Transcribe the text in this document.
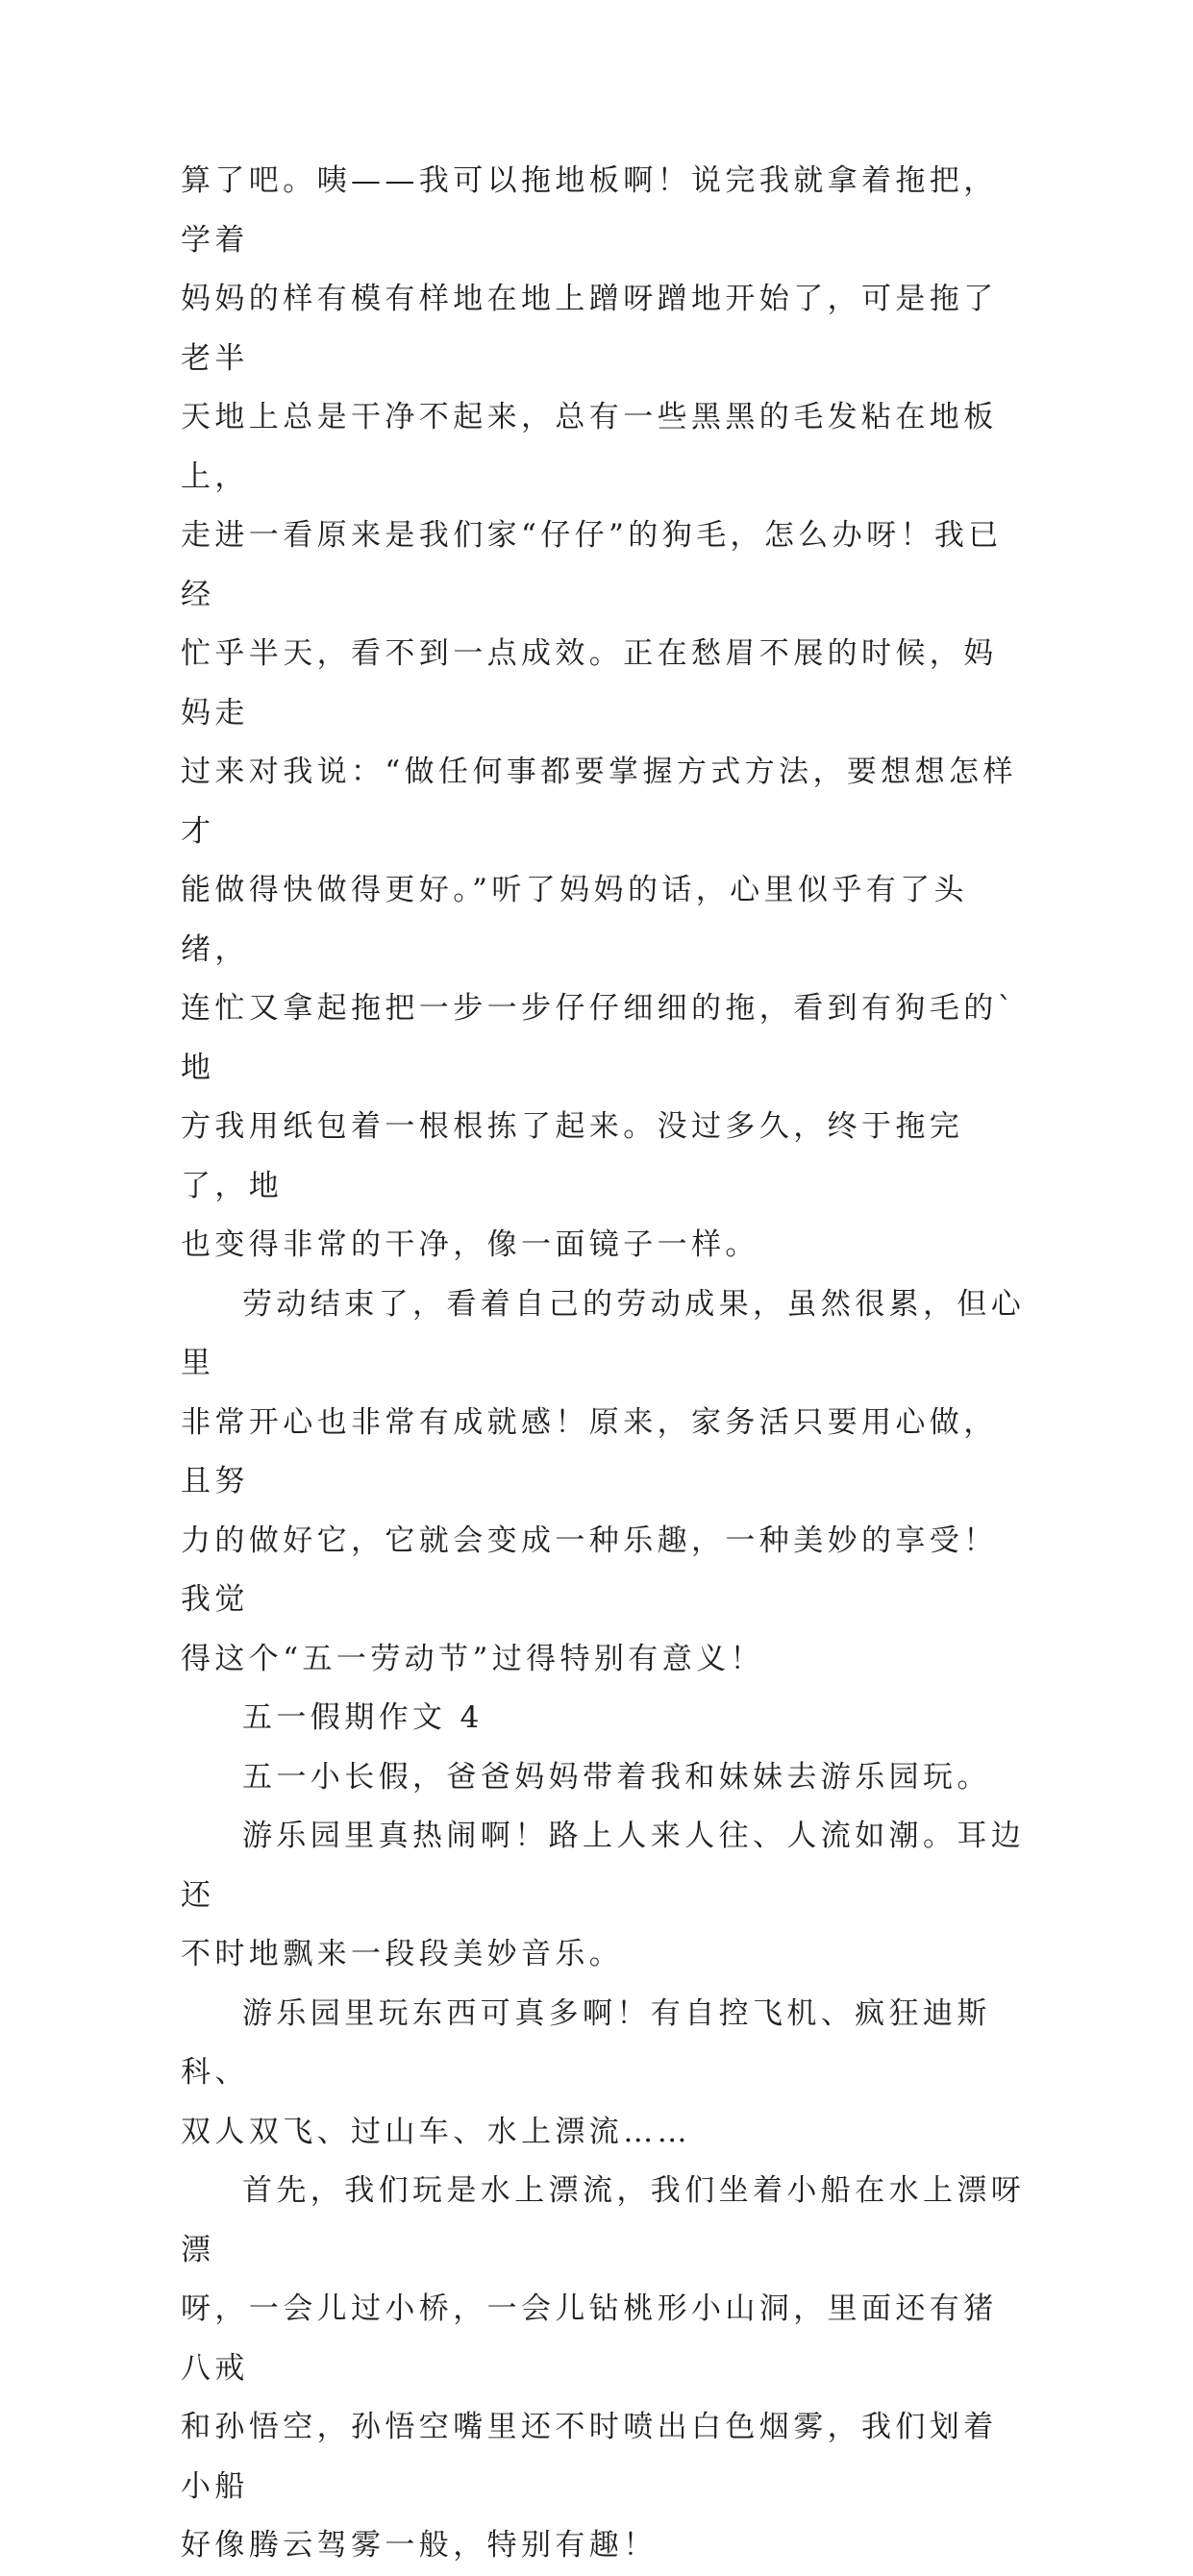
算了吧。咦——我可以拖地板啊！说完我就拿着拖把，学着
妈妈的样有模有样地在地上蹭呀蹭地开始了，可是拖了老半
天地上总是干净不起来，总有一些黑黑的毛发粘在地板上，
走进一看原来是我们家“仔仔”的狗毛，怎么办呀！我已经
忙乎半天，看不到一点成效。正在愁眉不展的时候，妈妈走
过来对我说：“做任何事都要掌握方式方法，要想想怎样才
能做得快做得更好。”听了妈妈的话，心里似乎有了头绪，
连忙又拿起拖把一步一步仔仔细细的拖，看到有狗毛的`地
方我用纸包着一根根拣了起来。没过多久，终于拖完了，地
也变得非常的干净，像一面镜子一样。

劳动结束了，看着自己的劳动成果，虽然很累，但心里
非常开心也非常有成就感！原来，家务活只要用心做，且努
力的做好它，它就会变成一种乐趣，一种美妙的享受！我觉
得这个“五一劳动节”过得特别有意义！

五一假期作文 4

五一小长假，爸爸妈妈带着我和妹妹去游乐园玩。

游乐园里真热闹啊！路上人来人往、人流如潮。耳边还
不时地飘来一段段美妙音乐。

游乐园里玩东西可真多啊！有自控飞机、疯狂迪斯科、
双人双飞、过山车、水上漂流……

首先，我们玩是水上漂流，我们坐着小船在水上漂呀漂
呀，一会儿过小桥，一会儿钻桃形小山洞，里面还有猪八戒
和孙悟空，孙悟空嘴里还不时喷出白色烟雾，我们划着小船
好像腾云驾雾一般，特别有趣！
